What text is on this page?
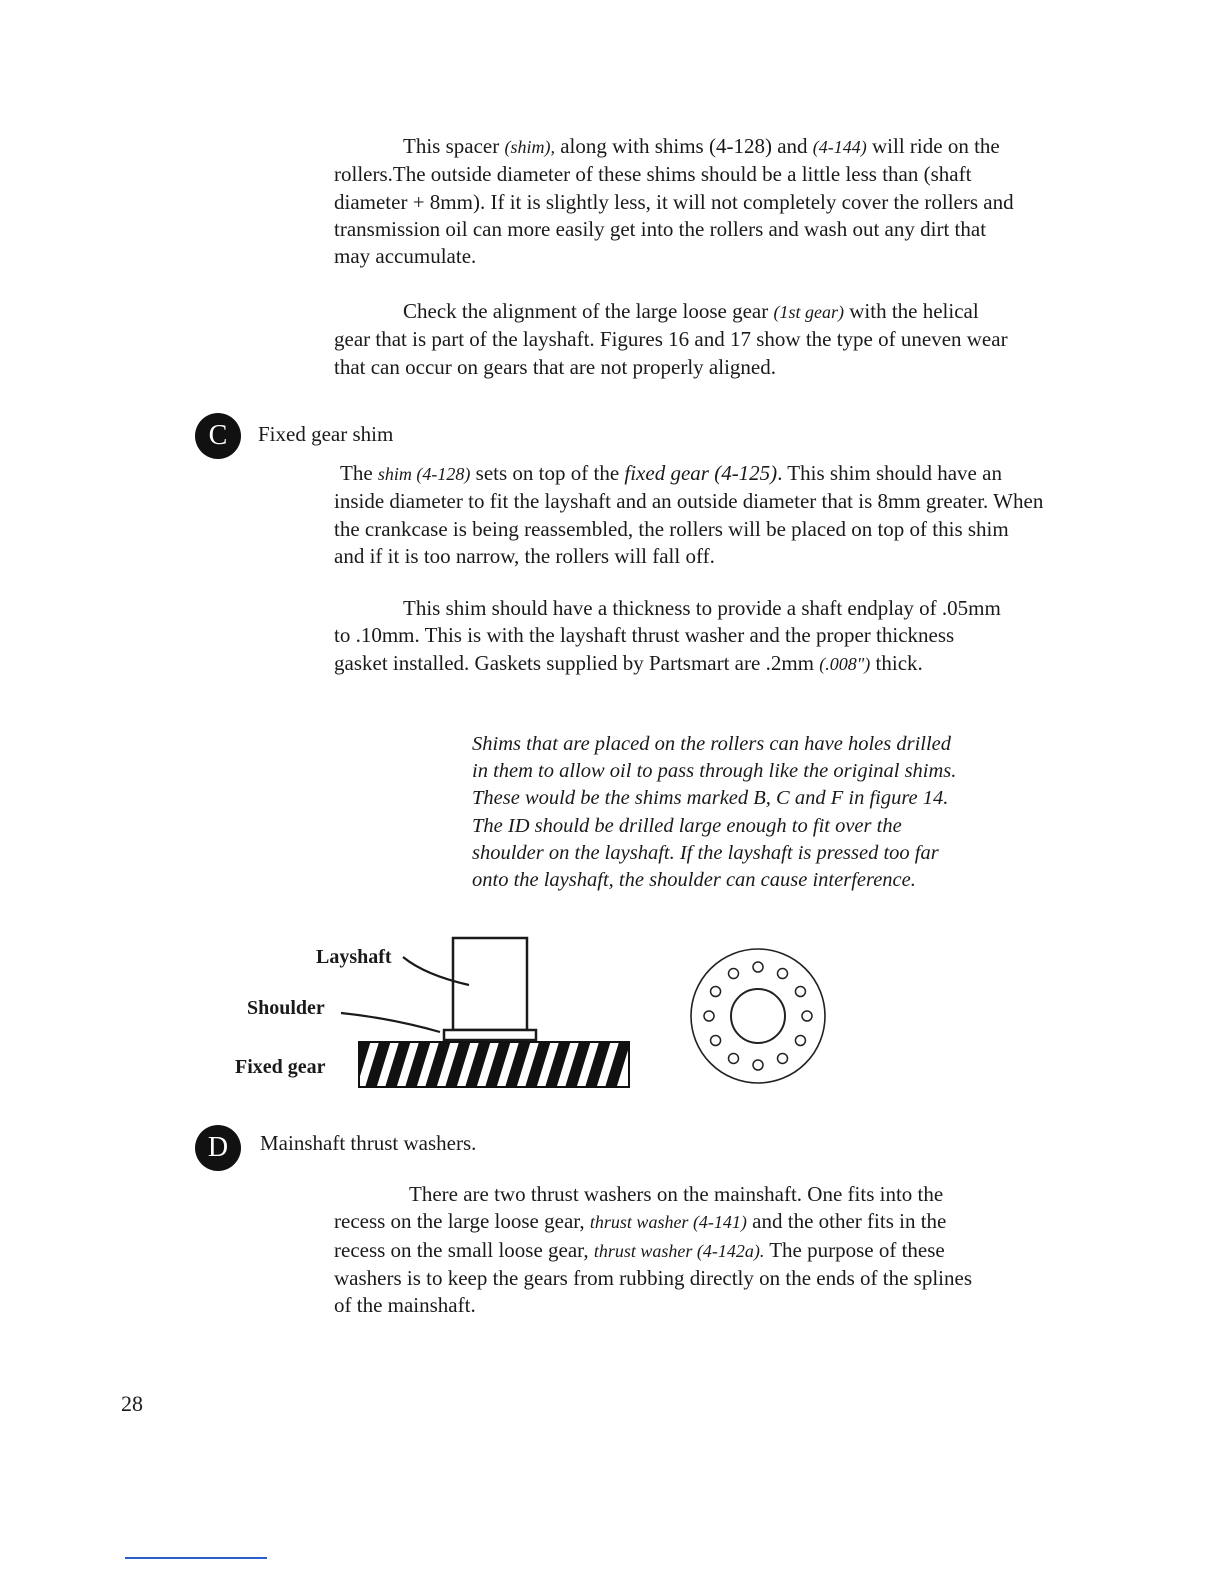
This spacer (shim), along with shims (4-128) and (4-144) will ride on the rollers.The outside diameter of these shims should be a little less than (shaft diameter + 8mm). If it is slightly less, it will not completely cover the rollers and transmission oil can more easily get into the rollers and wash out any dirt that may accumulate.

Check the alignment of the large loose gear (1st gear) with the helical gear that is part of the layshaft. Figures 16 and 17 show the type of uneven wear that can occur on gears that are not properly aligned.

C	Fixed gear shim

The shim (4-128) sets on top of the fixed gear (4-125). This shim should have an inside diameter to fit the layshaft and an outside diameter that is 8mm greater. When the crankcase is being reassembled, the rollers will be placed on top of this shim and if it is too narrow, the rollers will fall off.

This shim should have a thickness to provide a shaft endplay of .05mm to .10mm. This is with the layshaft thrust washer and the proper thickness gasket installed. Gaskets supplied by Partsmart are .2mm (.008") thick.

Shims that are placed on the rollers can have holes drilled in them to allow oil to pass through like the original shims. These would be the shims marked B, C and F in figure 14. The ID should be drilled large enough to fit over the shoulder on the layshaft. If the layshaft is pressed too far onto the layshaft, the shoulder can cause interference.

Layshaft
Shoulder
Fixed gear
D	Mainshaft thrust washers.

There are two thrust washers on the mainshaft. One fits into the recess on the large loose gear, thrust washer (4-141) and the other fits in the recess on the small loose gear, thrust washer (4-142a). The purpose of these washers is to keep the gears from rubbing directly on the ends of the splines of the mainshaft.

28
